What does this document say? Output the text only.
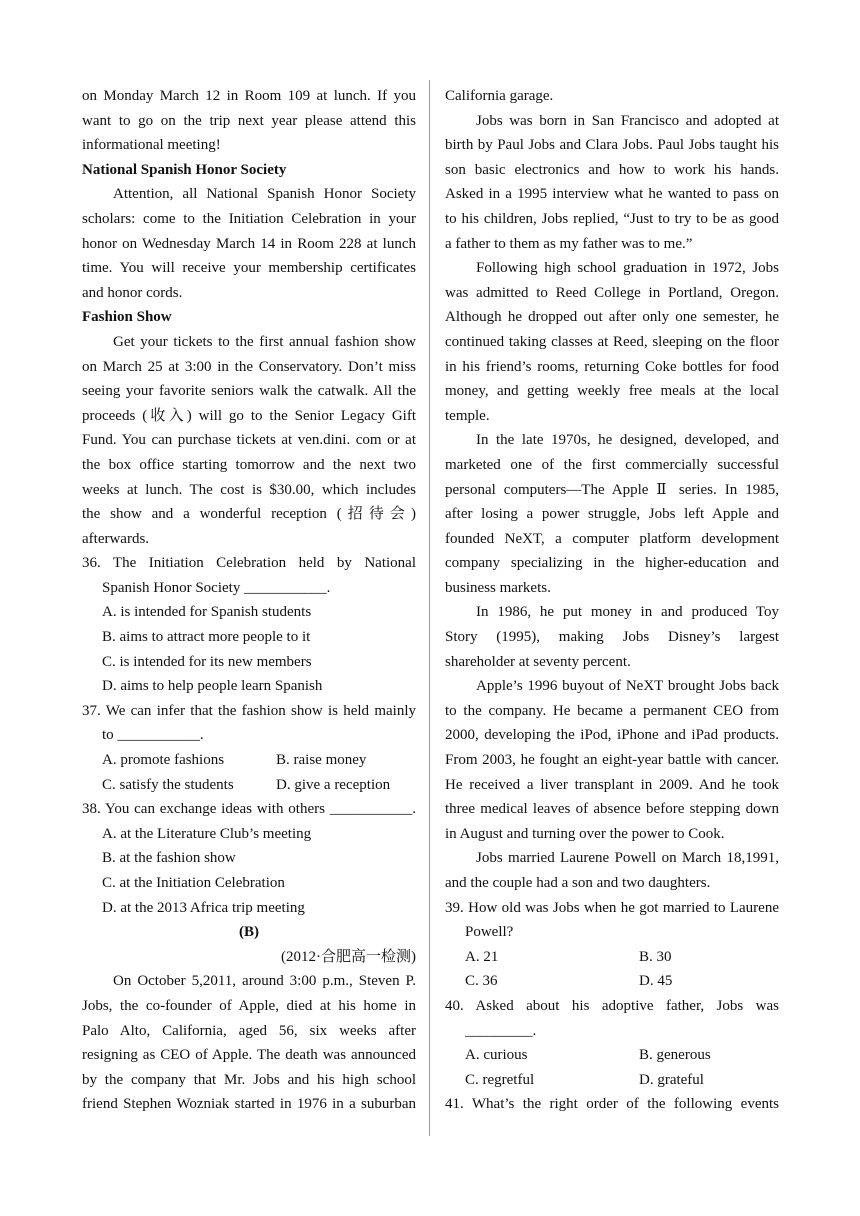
on Monday March 12 in Room 109 at lunch. If you
want to go on the trip next year please attend this
informational meeting!
National Spanish Honor Society
Attention, all National Spanish Honor Society
scholars: come to the Initiation Celebration in your
honor on Wednesday March 14 in Room 228 at lunch
time. You will receive your membership certificates
and honor cords.
Fashion Show
Get your tickets to the first annual fashion show
on March 25 at 3:00 in the Conservatory. Don’t miss
seeing your favorite seniors walk the catwalk. All the
proceeds (收入) will go to the Senior Legacy Gift
Fund. You can purchase tickets at ven.dini. com or at
the box office starting tomorrow and the next two
weeks at lunch. The cost is $30.00, which includes
the show and a wonderful reception (招待会)
afterwards.
36. The Initiation Celebration held by National
Spanish Honor Society ___________.
A. is intended for Spanish students
B. aims to attract more people to it
C. is intended for its new members
D. aims to help people learn Spanish
37. We can infer that the fashion show is held mainly
to ___________.
A. promote fashions	B. raise money
C. satisfy the students	D. give a reception
38. You can exchange ideas with others ___________.
A. at the Literature Club’s meeting
B. at the fashion show
C. at the Initiation Celebration
D. at the 2013 Africa trip meeting
(B)
(2012·合肥高一检测)
On October 5,2011, around 3:00 p.m., Steven P.
Jobs, the co-founder of Apple, died at his home in
Palo Alto, California, aged 56, six weeks after
resigning as CEO of Apple. The death was announced
by the company that Mr. Jobs and his high school
friend Stephen Wozniak started in 1976 in a suburban
California garage.
Jobs was born in San Francisco and adopted at
birth by Paul Jobs and Clara Jobs. Paul Jobs taught his
son basic electronics and how to work his hands.
Asked in a 1995 interview what he wanted to pass on
to his children, Jobs replied, “Just to try to be as good
a father to them as my father was to me.”
Following high school graduation in 1972, Jobs
was admitted to Reed College in Portland, Oregon.
Although he dropped out after only one semester, he
continued taking classes at Reed, sleeping on the floor
in his friend’s rooms, returning Coke bottles for food
money, and getting weekly free meals at the local
temple.
In the late 1970s, he designed, developed, and
marketed one of the first commercially successful
personal computers—The Apple Ⅱ series. In 1985,
after losing a power struggle, Jobs left Apple and
founded NeXT, a computer platform development
company specializing in the higher-education and
business markets.
In 1986, he put money in and produced Toy
Story (1995), making Jobs Disney’s largest
shareholder at seventy percent.
Apple’s 1996 buyout of NeXT brought Jobs back
to the company. He became a permanent CEO from
2000, developing the iPod, iPhone and iPad products.
From 2003, he fought an eight-year battle with cancer.
He received a liver transplant in 2009. And he took
three medical leaves of absence before stepping down
in August and turning over the power to Cook.
Jobs married Laurene Powell on March 18,1991,
and the couple had a son and two daughters.
39. How old was Jobs when he got married to Laurene
Powell?
A. 21	B. 30
C. 36	D. 45
40. Asked about his adoptive father, Jobs was
_________.
A. curious	B. generous
C. regretful	D. grateful
41. What’s the right order of the following events
